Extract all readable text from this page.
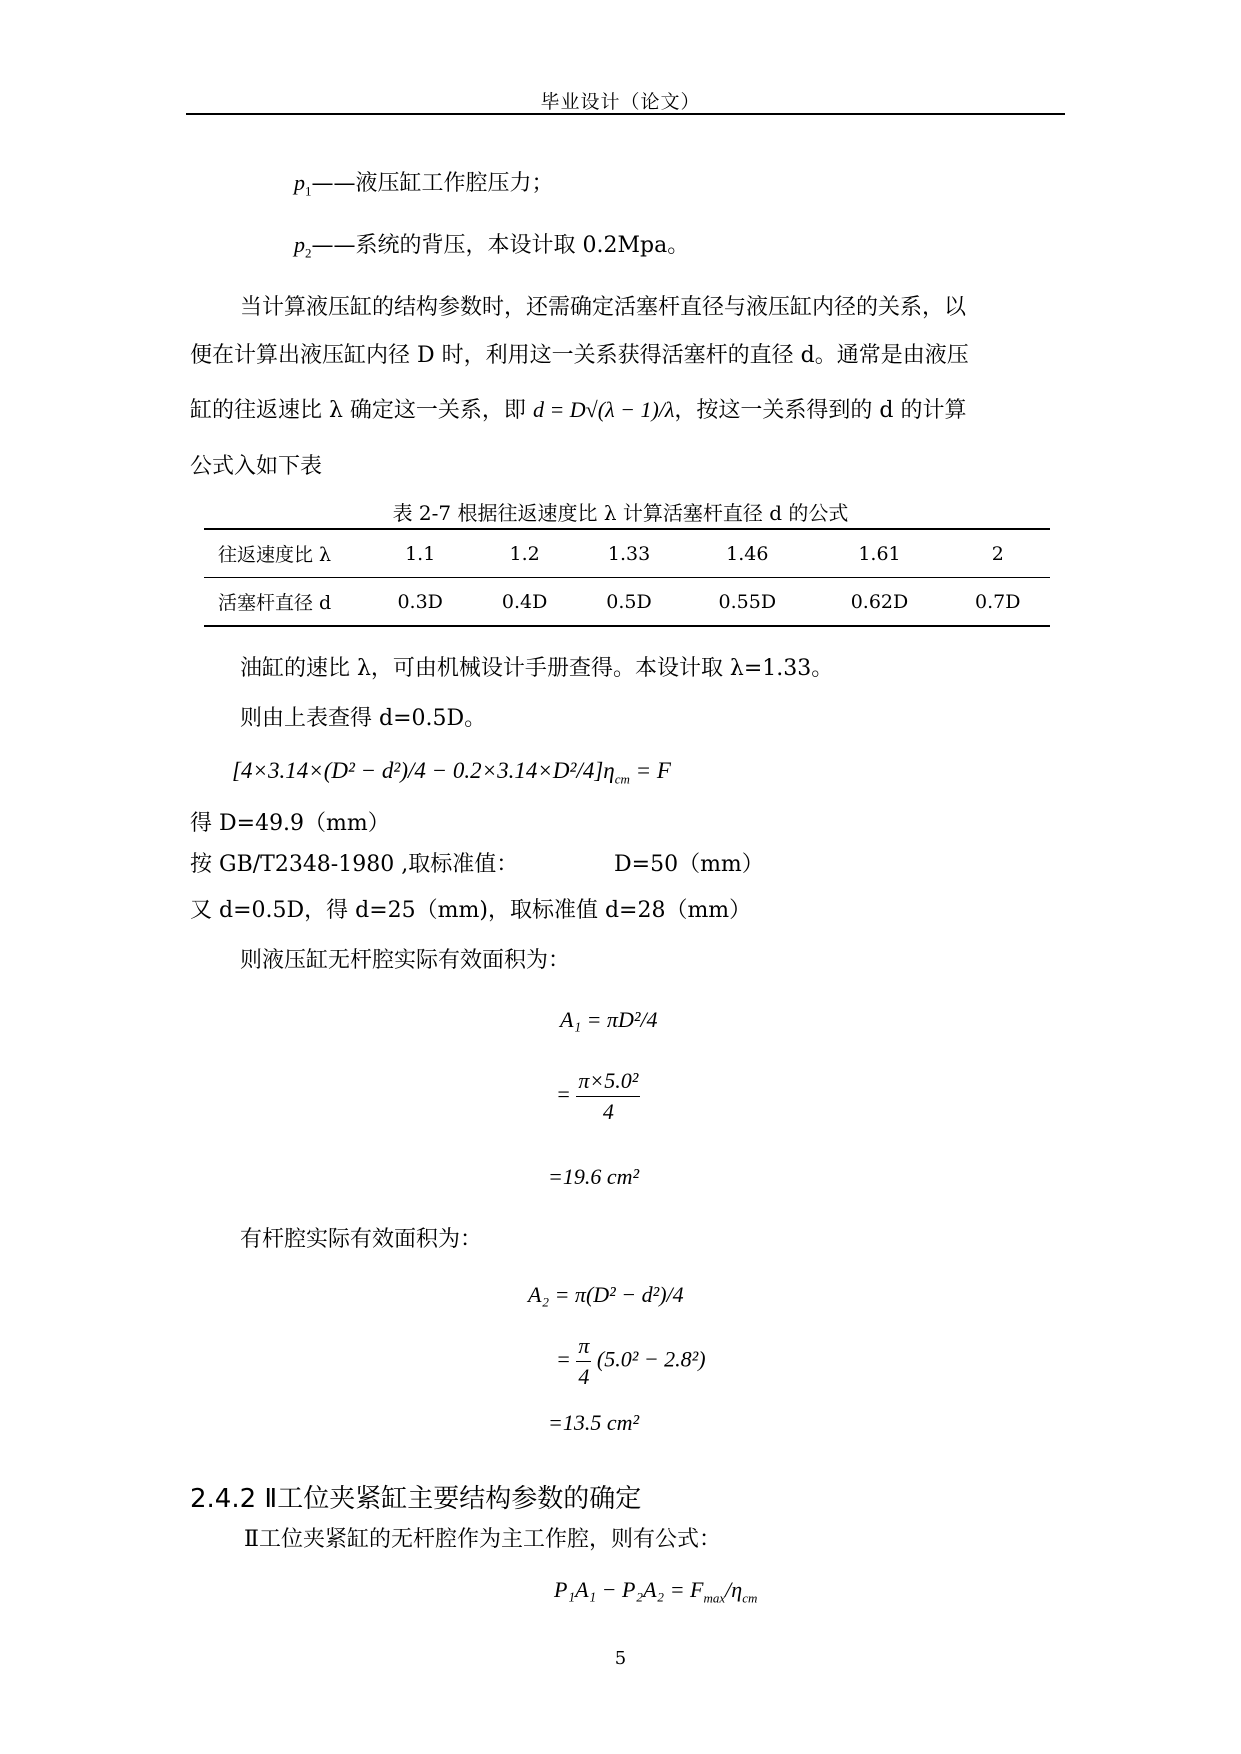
毕业设计（论文）
$p_1——$液压缸工作腔压力；
$p_2——$系统的背压，本设计取 0.2Mpa。
当计算液压缸的结构参数时，还需确定活塞杆直径与液压缸内径的关系，以
便在计算出液压缸内径 D 时，利用这一关系获得活塞杆的直径 d。通常是由液压
缸的往返速比 λ 确定这一关系，即 d = D√(λ − 1)/λ，按这一关系得到的 d 的计算
公式入如下表
表 2-7 根据往返速度比 λ 计算活塞杆直径 d 的公式
往返速度比 λ	1.1	1.2	1.33	1.46	1.61	2
活塞杆直径 d	0.3D	0.4D	0.5D	0.55D	0.62D	0.7D
油缸的速比 λ，可由机械设计手册查得。本设计取 λ=1.33。
则由上表查得 d=0.5D。
$[4\times 3.14\times(D^2 - d^2)/4 - 0.2\times 3.14\times D^2/4]\eta_{cm} = F$
得 D=49.9（mm）
按 GB/T2348-1980 ,取标准值：	D=50（mm）
又 d=0.5D，得 d=25（mm)，取标准值 d=28（mm）
则液压缸无杆腔实际有效面积为：
A₁ = πD²/4
= $\frac{\text{π×5.0²}}{4}$
=19.6 cm²
有杆腔实际有效面积为：
A₂ = π(D² − d²)/4
= $\frac{\pi}{4} (5.0^2 - 2.8^2)$
=13.5 cm²
2.4.2 Ⅱ工位夹紧缸主要结构参数的确定
Ⅱ工位夹紧缸的无杆腔作为主工作腔，则有公式：
$P_1A_1 - P_2A_2 = F_{max}/\eta_{cm}$
5
